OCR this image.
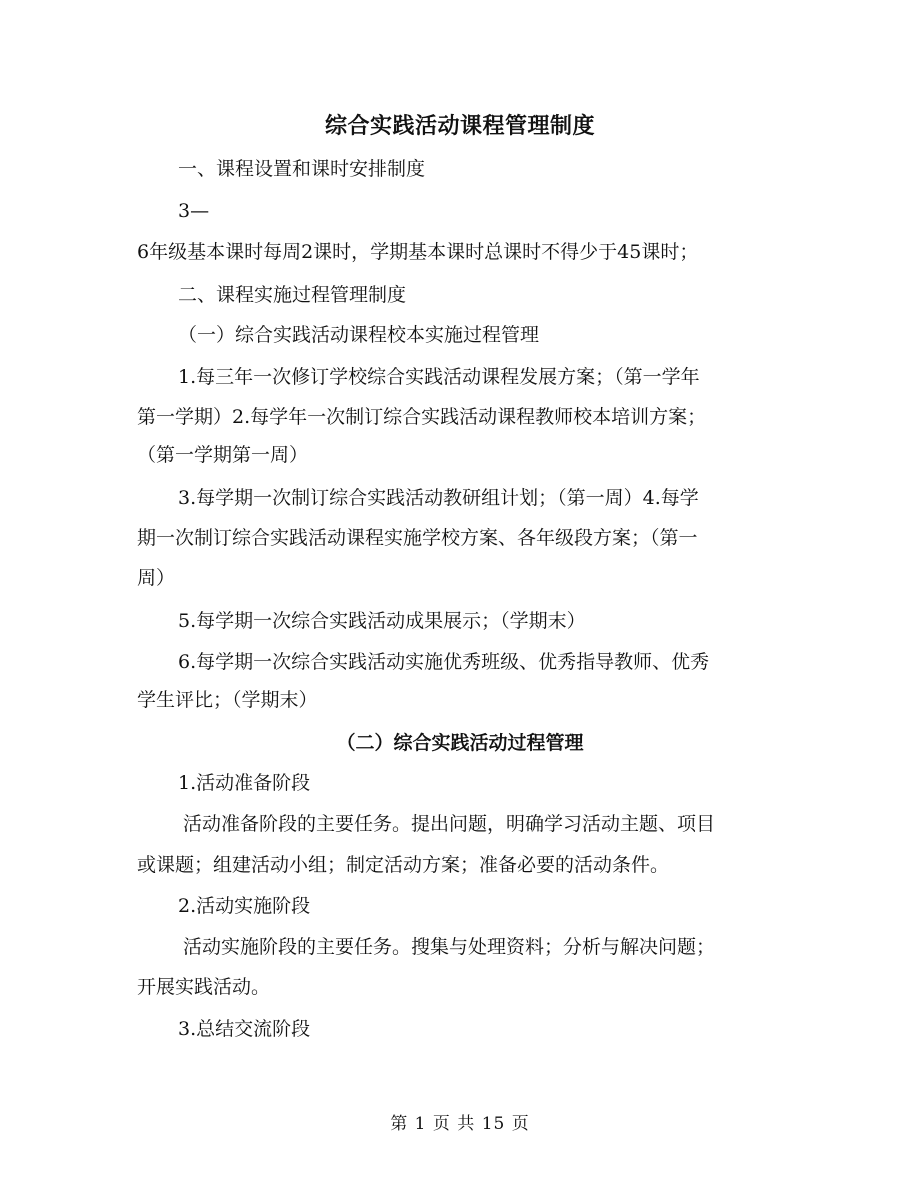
综合实践活动课程管理制度
一、课程设置和课时安排制度
3—
6年级基本课时每周2课时，学期基本课时总课时不得少于45课时；
二、课程实施过程管理制度
（一）综合实践活动课程校本实施过程管理
1.每三年一次修订学校综合实践活动课程发展方案；（第一学年
第一学期）2.每学年一次制订综合实践活动课程教师校本培训方案；
（第一学期第一周）
3.每学期一次制订综合实践活动教研组计划；（第一周）4.每学
期一次制订综合实践活动课程实施学校方案、各年级段方案；（第一
周）
5.每学期一次综合实践活动成果展示；（学期末）
6.每学期一次综合实践活动实施优秀班级、优秀指导教师、优秀
学生评比；（学期末）
（二）综合实践活动过程管理
1.活动准备阶段
活动准备阶段的主要任务。提出问题，明确学习活动主题、项目
或课题；组建活动小组；制定活动方案；准备必要的活动条件。
2.活动实施阶段
活动实施阶段的主要任务。搜集与处理资料；分析与解决问题；
开展实践活动。
3.总结交流阶段
第 1 页 共 15 页
